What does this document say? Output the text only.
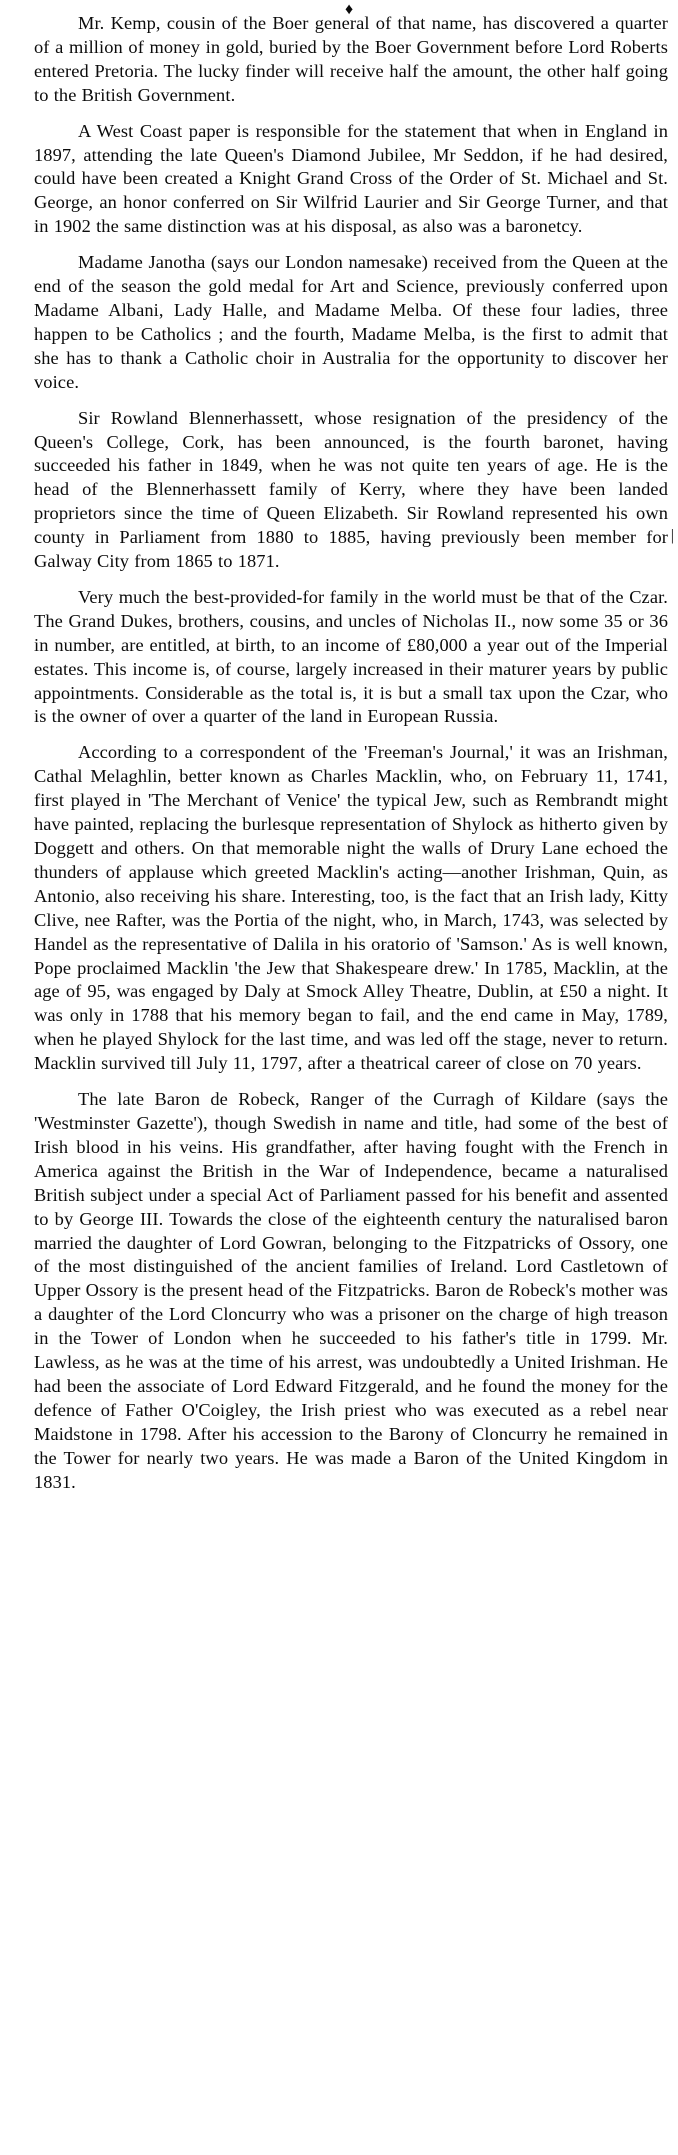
♦
|

Mr. Kemp, cousin of the Boer general of that name, has discovered a quarter of a million of money in gold, buried by the Boer Government before Lord Roberts entered Pretoria. The lucky finder will receive half the amount, the other half going to the British Government.

A West Coast paper is responsible for the statement that when in England in 1897, attending the late Queen's Diamond Jubilee, Mr Seddon, if he had desired, could have been created a Knight Grand Cross of the Order of St. Michael and St. George, an honor conferred on Sir Wilfrid Laurier and Sir George Turner, and that in 1902 the same distinction was at his disposal, as also was a baronetcy.

Madame Janotha (says our London namesake) received from the Queen at the end of the season the gold medal for Art and Science, previously conferred upon Madame Albani, Lady Halle, and Madame Melba. Of these four ladies, three happen to be Catholics ; and the fourth, Madame Melba, is the first to admit that she has to thank a Catholic choir in Australia for the opportunity to discover her voice.

Sir Rowland Blennerhassett, whose resignation of the presidency of the Queen's College, Cork, has been announced, is the fourth baronet, having succeeded his father in 1849, when he was not quite ten years of age. He is the head of the Blennerhassett family of Kerry, where they have been landed proprietors since the time of Queen Elizabeth. Sir Rowland represented his own county in Parliament from 1880 to 1885, having previously been member for Galway City from 1865 to 1871.

Very much the best-provided-for family in the world must be that of the Czar. The Grand Dukes, brothers, cousins, and uncles of Nicholas II., now some 35 or 36 in number, are entitled, at birth, to an income of £80,000 a year out of the Imperial estates. This income is, of course, largely increased in their maturer years by public appointments. Considerable as the total is, it is but a small tax upon the Czar, who is the owner of over a quarter of the land in European Russia.

According to a correspondent of the 'Freeman's Journal,' it was an Irishman, Cathal Melaghlin, better known as Charles Macklin, who, on February 11, 1741, first played in 'The Merchant of Venice' the typical Jew, such as Rembrandt might have painted, replacing the burlesque representation of Shylock as hitherto given by Doggett and others. On that memorable night the walls of Drury Lane echoed the thunders of applause which greeted Macklin's acting—another Irishman, Quin, as Antonio, also receiving his share. Interesting, too, is the fact that an Irish lady, Kitty Clive, nee Rafter, was the Portia of the night, who, in March, 1743, was selected by Handel as the representative of Dalila in his oratorio of 'Samson.' As is well known, Pope proclaimed Macklin 'the Jew that Shakespeare drew.' In 1785, Macklin, at the age of 95, was engaged by Daly at Smock Alley Theatre, Dublin, at £50 a night. It was only in 1788 that his memory began to fail, and the end came in May, 1789, when he played Shylock for the last time, and was led off the stage, never to return. Macklin survived till July 11, 1797, after a theatrical career of close on 70 years.

The late Baron de Robeck, Ranger of the Curragh of Kildare (says the 'Westminster Gazette'), though Swedish in name and title, had some of the best of Irish blood in his veins. His grandfather, after having fought with the French in America against the British in the War of Independence, became a naturalised British subject under a special Act of Parliament passed for his benefit and assented to by George III. Towards the close of the eighteenth century the naturalised baron married the daughter of Lord Gowran, belonging to the Fitzpatricks of Ossory, one of the most distinguished of the ancient families of Ireland. Lord Castletown of Upper Ossory is the present head of the Fitzpatricks. Baron de Robeck's mother was a daughter of the Lord Cloncurry who was a prisoner on the charge of high treason in the Tower of London when he succeeded to his father's title in 1799. Mr. Lawless, as he was at the time of his arrest, was undoubtedly a United Irishman. He had been the associate of Lord Edward Fitzgerald, and he found the money for the defence of Father O'Coigley, the Irish priest who was executed as a rebel near Maidstone in 1798. After his accession to the Barony of Cloncurry he remained in the Tower for nearly two years. He was made a Baron of the United Kingdom in 1831.
